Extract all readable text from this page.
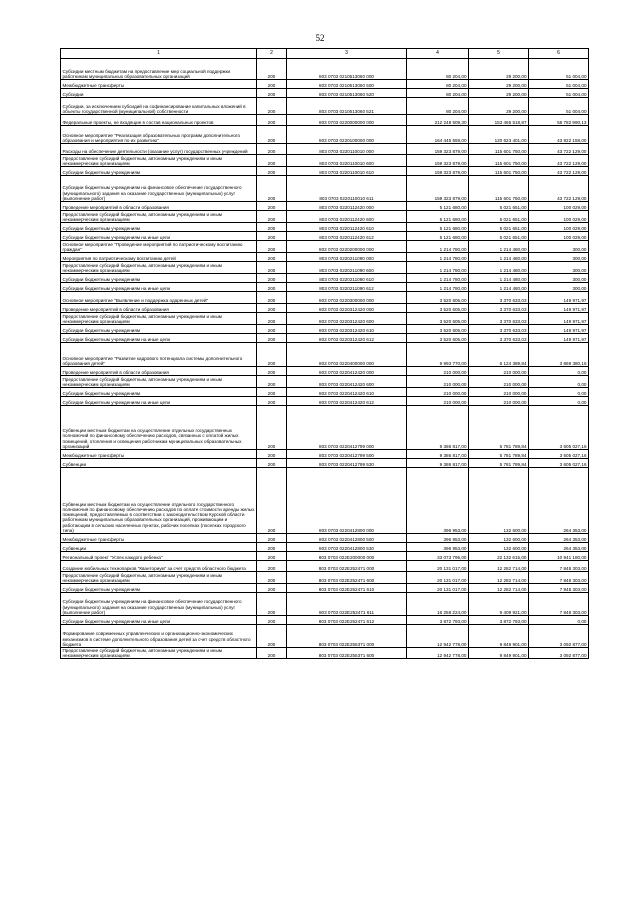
52
1	2	3	4	5	6
Субсидии местным бюджетам на предоставление мер социальной поддержки работникам муниципальных образовательных организаций	200	803 0703 0210513060 000	80 204,00	29 200,00	51 004,00
Межбюджетные трансферты	200	803 0703 0210513060 500	80 204,00	29 200,00	51 004,00
Субсидии	200	803 0703 0210513060 520	80 204,00	29 200,00	51 004,00
Субсидии, за исключением субсидий на софинансирование капитальных вложений в объекты государственной (муниципальной) собственности	200	803 0703 0210513060 521	80 204,00	29 200,00	51 004,00
Федеральные проекты, не входящие в состав национальных проектов	200	803 0703 0220000000 000	212 248 509,30	153 465 518,87	58 782 990,13
Основное мероприятие "Реализация образовательных программ дополнительного образования и мероприятия по их развитию"	200	803 0703 0220100000 000	164 445 559,00	120 623 401,00	43 822 158,00
Расходы на обеспечение деятельности (оказание услуг) государственных учреждений	200	803 0703 0220110010 000	159 323 879,00	115 601 750,00	43 722 129,00
Предоставление субсидий бюджетным, автономным учреждениям и иным некоммерческим организациям	200	803 0703 0220110010 600	159 323 879,00	115 601 750,00	43 722 129,00
Субсидии бюджетным учреждениям	200	803 0703 0220110010 610	159 323 879,00	115 601 750,00	43 722 129,00
Субсидии бюджетным учреждениям на финансовое обеспечение государственного (муниципального) задания на оказание государственных (муниципальных) услуг (выполнение работ)	200	803 0703 0220110010 611	159 323 879,00	115 601 750,00	43 722 129,00
Проведение мероприятий в области образования	200	803 0703 0220112420 000	5 121 680,00	5 021 651,00	100 029,00
Предоставление субсидий бюджетным, автономным учреждениям и иным некоммерческим организациям	200	803 0703 0220112420 600	5 121 680,00	5 021 651,00	100 029,00
Субсидии бюджетным учреждениям	200	803 0703 0220112420 610	5 121 680,00	5 021 651,00	100 029,00
Субсидии бюджетным учреждениям на иные цели	200	803 0703 0220112420 612	5 121 680,00	5 021 651,00	100 029,00
Основное мероприятие "Проведение мероприятий по патриотическому воспитанию граждан"	200	803 0703 0220200000 000	1 214 780,00	1 214 480,00	300,00
Мероприятия по патриотическому воспитанию детей	200	803 0703 0220211090 000	1 214 780,00	1 214 480,00	300,00
Предоставление субсидий бюджетным, автономным учреждениям и иным некоммерческим организациям	200	803 0703 0220211090 600	1 214 780,00	1 214 480,00	300,00
Субсидии бюджетным учреждениям	200	803 0703 0220211090 610	1 214 780,00	1 214 480,00	300,00
Субсидии бюджетным учреждениям на иные цели	200	803 0703 0220211090 612	1 214 780,00	1 214 480,00	300,00
Основное мероприятие "Выявление и поддержка одаренных детей"	200	803 0703 0220300000 000	3 520 605,00	3 370 633,03	149 971,97
Проведение мероприятий в области образования	200	803 0703 0220312420 000	3 520 605,00	3 370 633,03	149 971,97
Предоставление субсидий бюджетным, автономным учреждениям и иным некоммерческим организациям	200	803 0703 0220312420 600	3 520 605,00	3 370 633,03	149 971,97
Субсидии бюджетным учреждениям	200	803 0703 0220312420 610	3 520 605,00	3 370 633,03	149 971,97
Субсидии бюджетным учреждениям на иные цели	200	803 0703 0220312420 612	3 520 605,00	3 370 633,03	149 971,97
Основное мероприятие "Развитие кадрового потенциала системы дополнительного образования детей"	200	803 0703 0220400000 000	9 993 770,00	6 124 389,84	3 869 380,16
Проведение мероприятий в области образования	200	803 0703 0220412420 000	210 000,00	210 000,00	0,00
Предоставление субсидий бюджетным, автономным учреждениям и иным некоммерческим организациям	200	803 0703 0220412420 600	210 000,00	210 000,00	0,00
Субсидии бюджетным учреждениям	200	803 0703 0220412420 610	210 000,00	210 000,00	0,00
Субсидии бюджетным учреждениям на иные цели	200	803 0703 0220412420 612	210 000,00	210 000,00	0,00
Субвенции местным бюджетам на осуществление отдельных государственных полномочий по финансовому обеспечению расходов, связанных с оплатой жилых помещений, отопления и освещения работникам муниципальных образовательных организаций	200	803 0703 0220412799 000	9 386 817,00	5 781 789,84	3 605 027,16
Межбюджетные трансферты	200	803 0703 0220412799 500	9 386 817,00	5 781 789,84	3 605 027,16
Субвенции	200	803 0703 0220412799 530	9 386 817,00	5 781 789,84	3 605 027,16
Субвенции местным бюджетам на осуществление отдельного государственного полномочия по финансовому обеспечению расходов по оплате стоимости аренды жилых помещений, предоставляемых в соответствии с законодательством Курской области работникам муниципальных образовательных организаций, проживающим и работающим в сельских населенных пунктах, рабочих поселках (поселках городского типа)	200	803 0703 0220412800 000	396 953,00	132 600,00	264 353,00
Межбюджетные трансферты	200	803 0703 0220412800 500	396 953,00	132 600,00	264 353,00
Субвенции	200	803 0703 0220412800 530	396 953,00	132 600,00	264 353,00
Региональный проект "Успех каждого ребенка"	200	803 0703 022E200000 000	33 073 795,00	22 132 615,00	10 941 180,00
Создание мобильных технопарков "Кванториум" за счет средств областного бюджета	200	803 0703 022E252471 000	20 131 017,00	12 282 714,00	7 848 303,00
Предоставление субсидий бюджетным, автономным учреждениям и иным некоммерческим организациям	200	803 0703 022E252471 600	20 131 017,00	12 282 714,00	7 848 303,00
Субсидии бюджетным учреждениям	200	803 0703 022E252471 610	20 131 017,00	12 282 714,00	7 848 303,00
Субсидии бюджетным учреждениям на финансовое обеспечение государственного (муниципального) задания на оказание государственных (муниципальных) услуг (выполнение работ)	200	803 0703 022E252471 611	16 258 224,00	9 409 921,00	7 848 303,00
Субсидии бюджетным учреждениям на иные цели	200	803 0703 022E252471 612	3 872 793,00	3 872 793,00	0,00
Формирование современных управленческих и организационно-экономических механизмов в системе дополнительного образования детей за счет средств областного бюджета	200	803 0703 022E255371 000	12 942 778,00	9 849 901,00	3 092 877,00
Предоставление субсидий бюджетным, автономным учреждениям и иным некоммерческим организациям	200	803 0703 022E255371 600	12 942 778,00	9 849 901,00	3 092 877,00
